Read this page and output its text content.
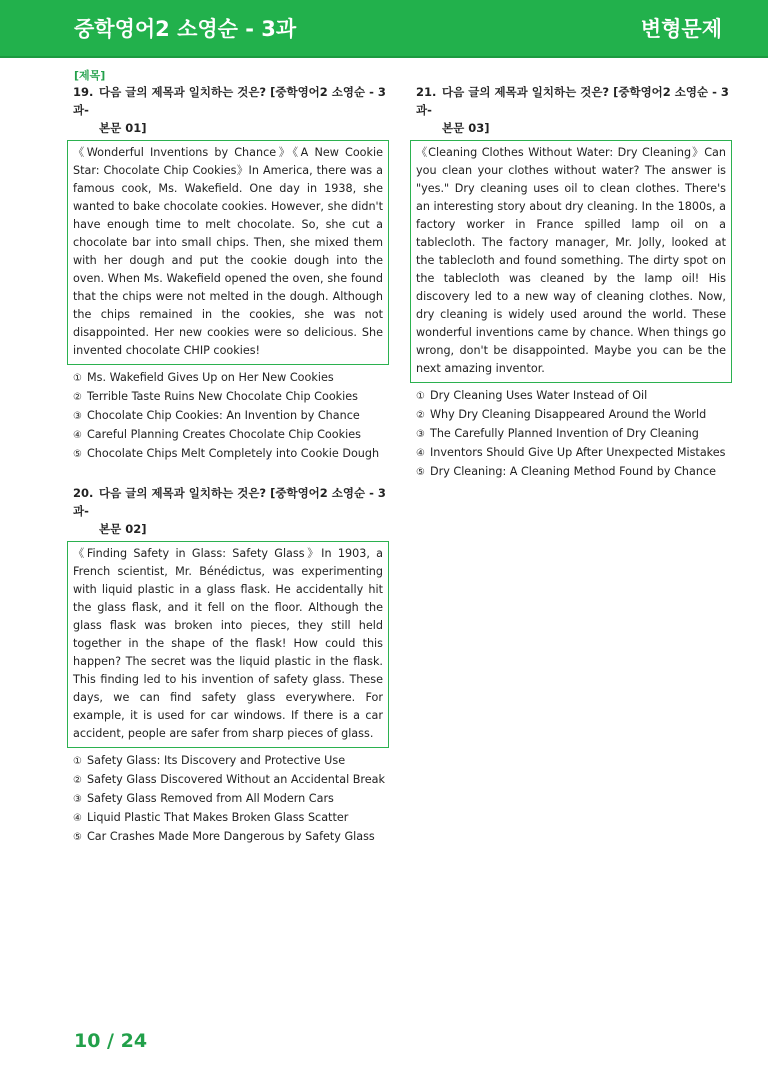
중학영어2 소영순 - 3과	변형문제
[제목]
19. 다음 글의 제목과 일치하는 것은? [중학영어2 소영순 - 3과-
본문 01]
《Wonderful Inventions by Chance》《A New Cookie Star: Chocolate Chip Cookies》In America, there was a famous cook, Ms. Wakefield. One day in 1938, she wanted to bake chocolate cookies. However, she didn't have enough time to melt chocolate. So, she cut a chocolate bar into small chips. Then, she mixed them with her dough and put the cookie dough into the oven. When Ms. Wakefield opened the oven, she found that the chips were not melted in the dough. Although the chips remained in the cookies, she was not disappointed. Her new cookies were so delicious. She invented chocolate CHIP cookies!
① Ms. Wakefield Gives Up on Her New Cookies
② Terrible Taste Ruins New Chocolate Chip Cookies
③ Chocolate Chip Cookies: An Invention by Chance
④ Careful Planning Creates Chocolate Chip Cookies
⑤ Chocolate Chips Melt Completely into Cookie Dough
20. 다음 글의 제목과 일치하는 것은? [중학영어2 소영순 - 3과-
본문 02]
《Finding Safety in Glass: Safety Glass》In 1903, a French scientist, Mr. Bénédictus, was experimenting with liquid plastic in a glass flask. He accidentally hit the glass flask, and it fell on the floor. Although the glass flask was broken into pieces, they still held together in the shape of the flask! How could this happen? The secret was the liquid plastic in the flask. This finding led to his invention of safety glass. These days, we can find safety glass everywhere. For example, it is used for car windows. If there is a car accident, people are safer from sharp pieces of glass.
① Safety Glass: Its Discovery and Protective Use
② Safety Glass Discovered Without an Accidental Break
③ Safety Glass Removed from All Modern Cars
④ Liquid Plastic That Makes Broken Glass Scatter
⑤ Car Crashes Made More Dangerous by Safety Glass
21. 다음 글의 제목과 일치하는 것은? [중학영어2 소영순 - 3과-
본문 03]
《Cleaning Clothes Without Water: Dry Cleaning》Can you clean your clothes without water? The answer is "yes." Dry cleaning uses oil to clean clothes. There's an interesting story about dry cleaning. In the 1800s, a factory worker in France spilled lamp oil on a tablecloth. The factory manager, Mr. Jolly, looked at the tablecloth and found something. The dirty spot on the tablecloth was cleaned by the lamp oil! His discovery led to a new way of cleaning clothes. Now, dry cleaning is widely used around the world. These wonderful inventions came by chance. When things go wrong, don't be disappointed. Maybe you can be the next amazing inventor.
① Dry Cleaning Uses Water Instead of Oil
② Why Dry Cleaning Disappeared Around the World
③ The Carefully Planned Invention of Dry Cleaning
④ Inventors Should Give Up After Unexpected Mistakes
⑤ Dry Cleaning: A Cleaning Method Found by Chance
10 / 24
